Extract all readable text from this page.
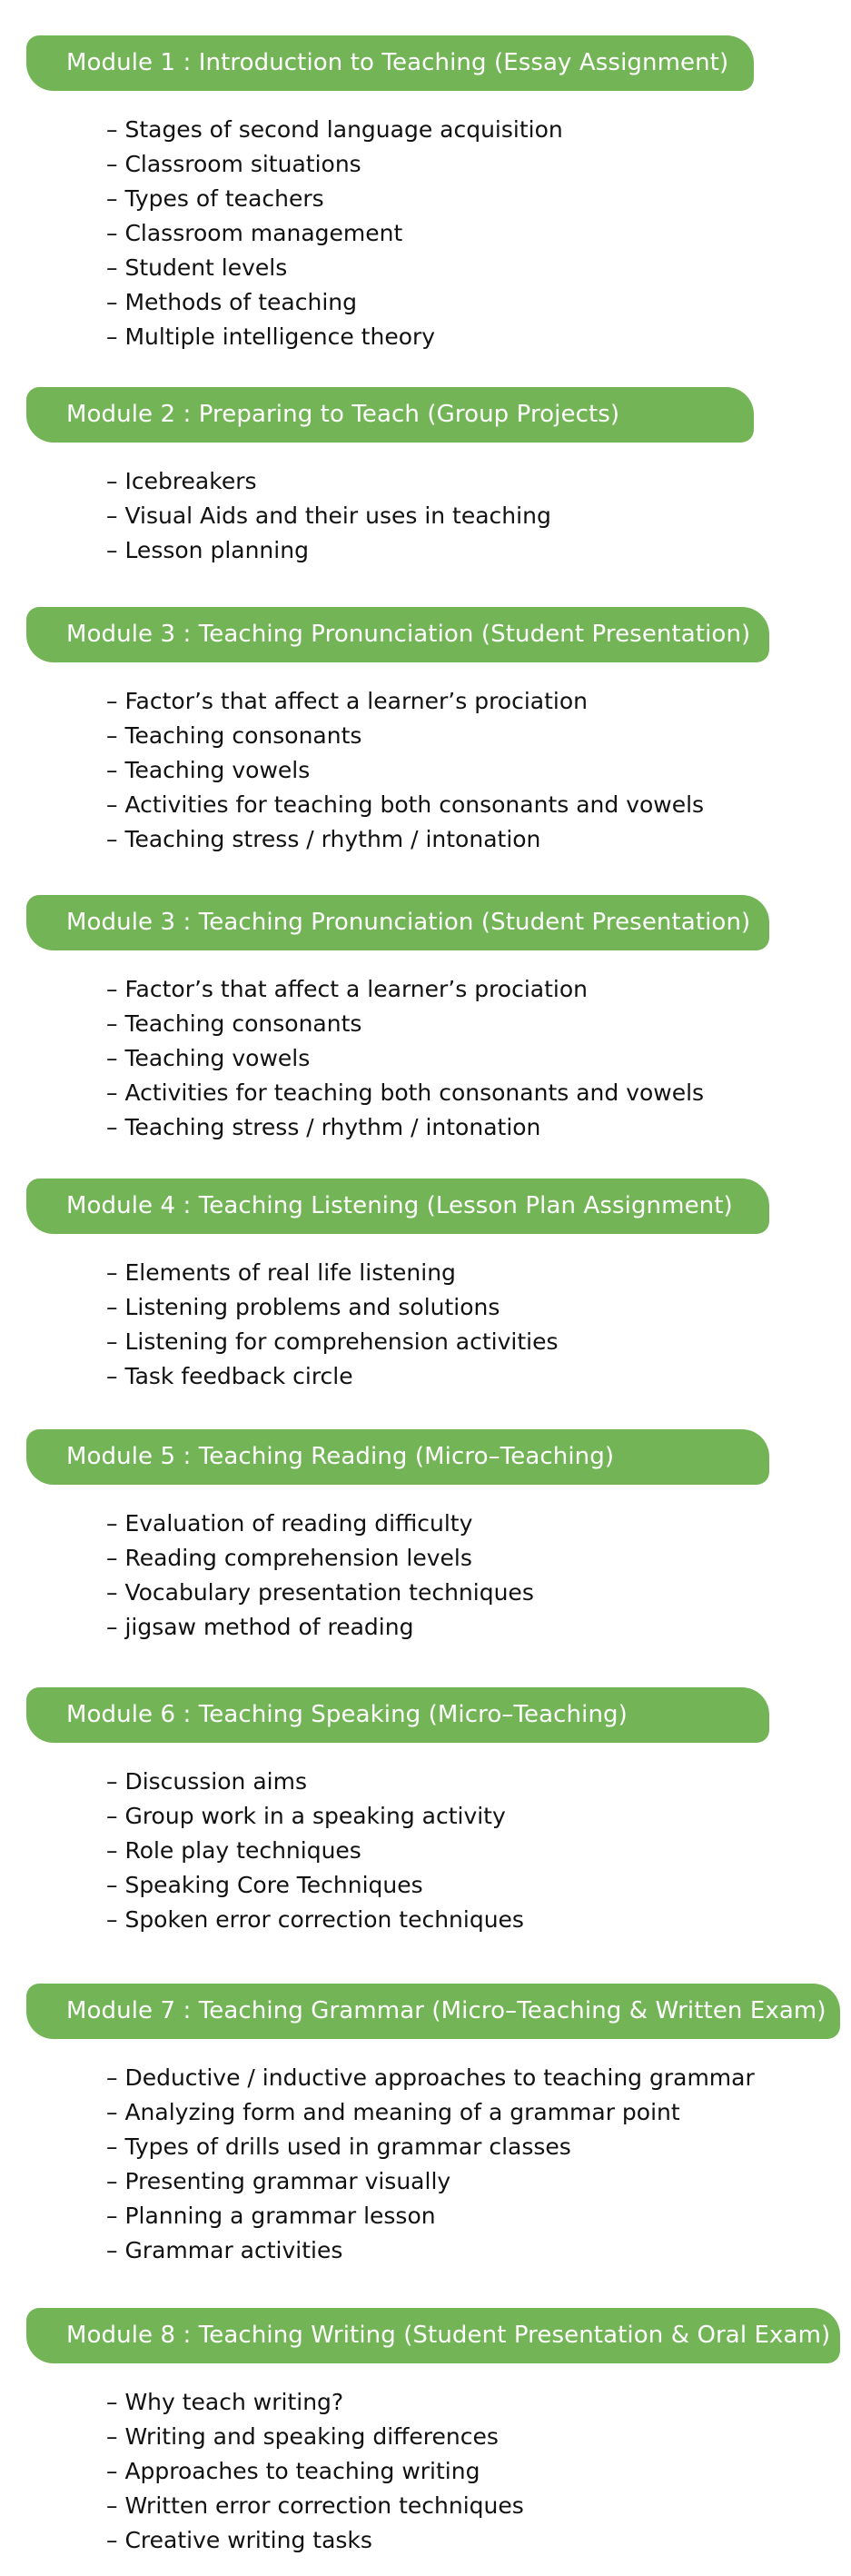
Module 1 : Introduction to Teaching (Essay Assignment)
– Stages of second language acquisition
– Classroom situations
– Types of teachers
– Classroom management
– Student levels
– Methods of teaching
– Multiple intelligence theory
Module 2 : Preparing to Teach (Group Projects)
– Icebreakers
– Visual Aids and their uses in teaching
– Lesson planning
Module 3 : Teaching Pronunciation (Student Presentation)
– Factor’s that affect a learner’s prociation
– Teaching consonants
– Teaching vowels
– Activities for teaching both consonants and vowels
– Teaching stress / rhythm / intonation
Module 3 : Teaching Pronunciation (Student Presentation)
– Factor’s that affect a learner’s prociation
– Teaching consonants
– Teaching vowels
– Activities for teaching both consonants and vowels
– Teaching stress / rhythm / intonation
Module 4 : Teaching Listening (Lesson Plan Assignment)
– Elements of real life listening
– Listening problems and solutions
– Listening for comprehension activities
– Task feedback circle
Module 5 : Teaching Reading (Micro–Teaching)
– Evaluation of reading difficulty
– Reading comprehension levels
– Vocabulary presentation techniques
– jigsaw method of reading
Module 6 : Teaching Speaking (Micro–Teaching)
– Discussion aims
– Group work in a speaking activity
– Role play techniques
– Speaking Core Techniques
– Spoken error correction techniques
Module 7 : Teaching Grammar (Micro–Teaching & Written Exam)
– Deductive / inductive approaches to teaching grammar
– Analyzing form and meaning of a grammar point
– Types of drills used in grammar classes
– Presenting grammar visually
– Planning a grammar lesson
– Grammar activities
Module 8 : Teaching Writing (Student Presentation & Oral Exam)
– Why teach writing?
– Writing and speaking differences
– Approaches to teaching writing
– Written error correction techniques
– Creative writing tasks
